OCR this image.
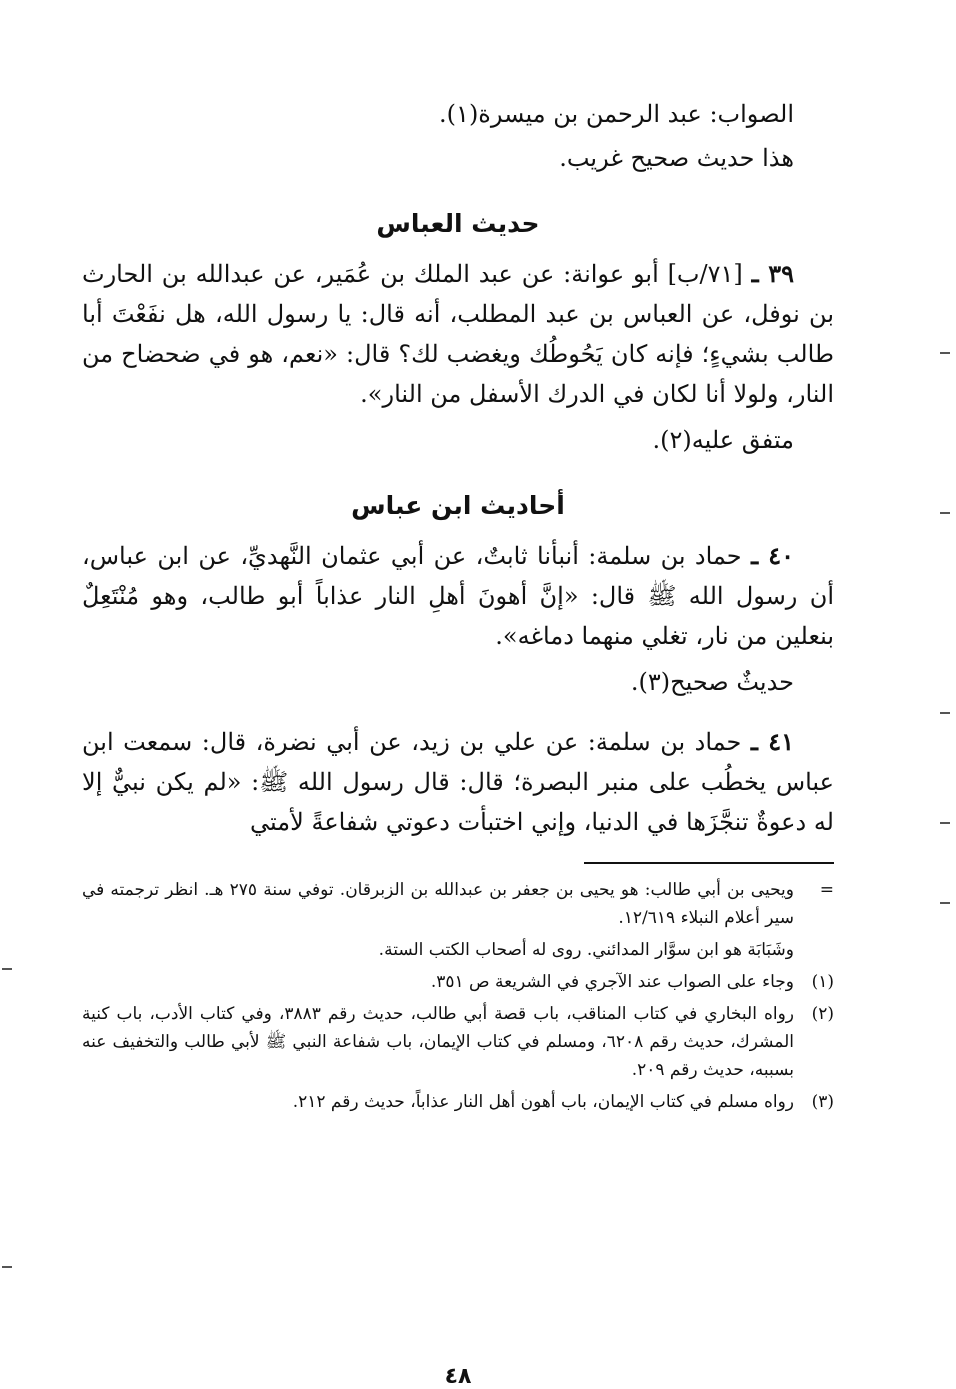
الصواب: عبد الرحمن بن ميسرة(١).

هذا حديث صحيح غريب.

حديث العباس

٣٩ ـ [٧١/ب] أبو عوانة: عن عبد الملك بن عُمَير، عن عبدالله بن الحارث بن نوفل، عن العباس بن عبد المطلب، أنه قال: يا رسول الله، هل نفَعْتَ أبا طالب بشيءٍ؛ فإنه كان يَحُوطُك ويغضب لك؟ قال: «نعم، هو في ضحضاح من النار، ولولا أنا لكان في الدرك الأسفل من النار».

متفق عليه(٢).

أحاديث ابن عباس

٤٠ ـ حماد بن سلمة: أنبأنا ثابتٌ، عن أبي عثمان النَّهديِّ، عن ابن عباس، أن رسول الله ﷺ قال: «إنَّ أهونَ أهلِ النار عذاباً أبو طالب، وهو مُنْتَعِلٌ بنعلين من نار، تغلي منهما دماغه».

حديثٌ صحيح(٣).

٤١ ـ حماد بن سلمة: عن علي بن زيد، عن أبي نضرة، قال: سمعت ابن عباس يخطُب على منبر البصرة؛ قال: قال رسول الله ﷺ: «لم يكن نبيٌّ إلا له دعوةٌ تنجَّزَها في الدنيا، وإني اختبأت دعوتي شفاعةً لأمتي

=
ويحيى بن أبي طالب: هو يحيى بن جعفر بن عبدالله بن الزبرقان. توفي سنة ٢٧٥ هـ. انظر ترجمته في سير أعلام النبلاء ١٢/٦١٩.

وشَبَابَة هو ابن سوَّار المدائني. روى له أصحاب الكتب الستة.

(١)
وجاء على الصواب عند الآجري في الشريعة ص ٣٥١.

(٢)
رواه البخاري في كتاب المناقب، باب قصة أبي طالب، حديث رقم ٣٨٨٣، وفي كتاب الأدب، باب كنية المشرك، حديث رقم ٦٢٠٨، ومسلم في كتاب الإيمان، باب شفاعة النبي ﷺ لأبي طالب والتخفيف عنه بسببه، حديث رقم ٢٠٩.

(٣)
رواه مسلم في كتاب الإيمان، باب أهون أهل النار عذاباً، حديث رقم ٢١٢.

٤٨
